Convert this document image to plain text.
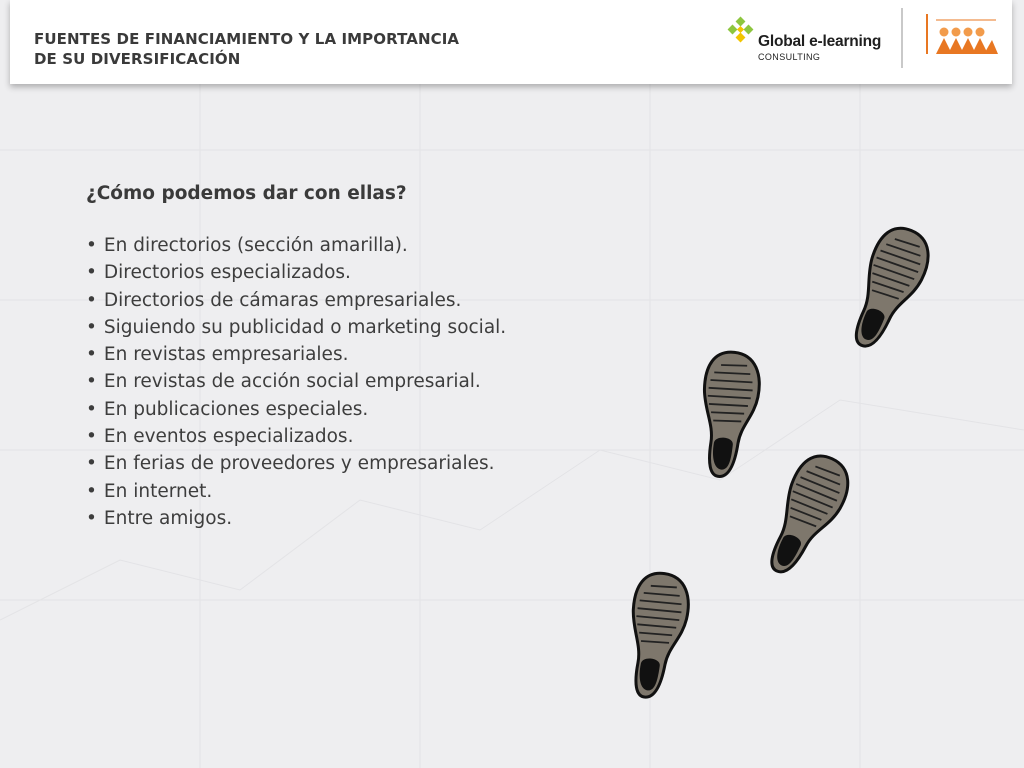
FUENTES DE FINANCIAMIENTO Y LA IMPORTANCIA
DE SU DIVERSIFICACIÓN
Global e-learning
CONSULTING
¿Cómo podemos dar con ellas?
• En directorios (sección amarilla).
• Directorios especializados.
• Directorios de cámaras empresariales.
• Siguiendo su publicidad o marketing social.
• En revistas empresariales.
• En revistas de acción social empresarial.
• En publicaciones especiales.
• En eventos especializados.
• En ferias de proveedores y empresariales.
• En internet.
• Entre amigos.
